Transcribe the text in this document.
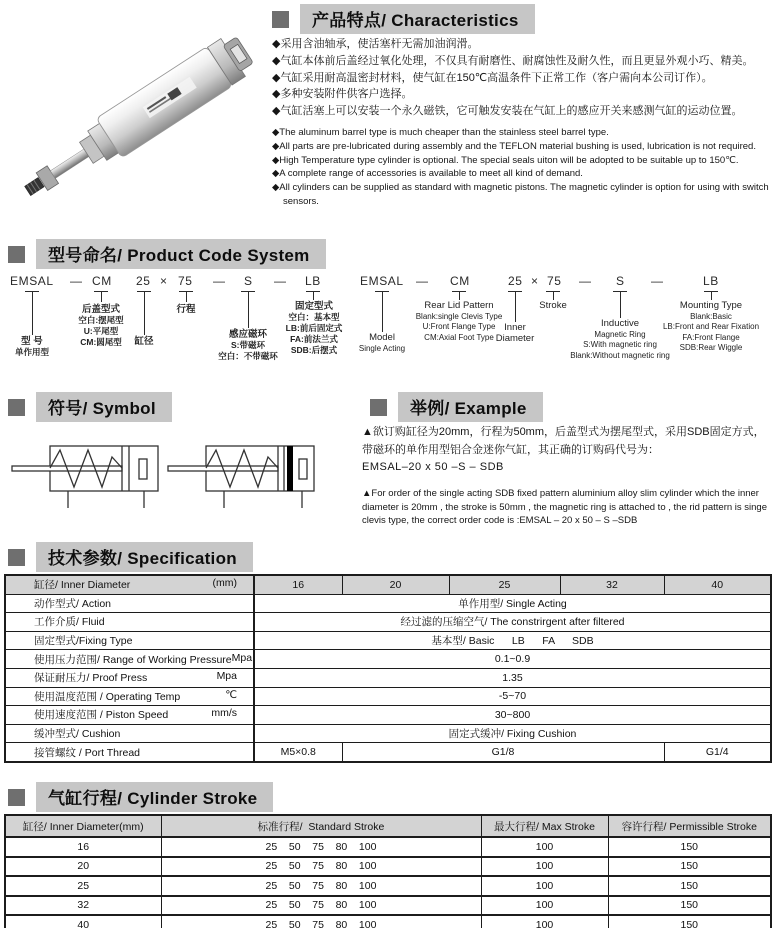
产品特点/ Characteristics
◆采用含油轴承，使活塞杆无需加油润滑。
◆气缸本体前后盖经过氧化处理，不仅具有耐磨性、耐腐蚀性及耐久性，而且更显外观小巧、精美。
◆气缸采用耐高温密封材料，使气缸在150℃高温条件下正常工作（客户需向本公司订作）。
◆多种安装附件供客户选择。
◆气缸活塞上可以安装一个永久磁铁，它可触发安装在气缸上的感应开关来感测气缸的运动位置。
◆The aluminum barrel type is much cheaper than the stainless steel barrel type.
◆All parts are pre-lubricated during assembly and the TEFLON material bushing is used, lubrication is not required.
◆High Temperature type cylinder is optional. The special seals uiton will be adopted to be suitable up to 150℃.
◆A complete range of accessories is available to meet all kind of demand.
◆All cylinders can be supplied as standard with magnetic pistons. The magnetic cylinder is option for using with switch sensors.
型号命名/ Product Code System
EMSAL — CM 25 × 75 — S — LB
型 号
单作用型
后盖型式
空白:摆尾型
U:平尾型
CM:圆尾型	缸径
行程
感应磁环
S:带磁环
空白：不带磁环
固定型式
空白：基本型
LB:前后固定式
FA:前法兰式
SDB:后摆式
EMSAL — CM	25 × 75 — S —	LB
Model
Single Acting
Rear Lid Pattern
Blank:single Clevis Type
U:Front Flange Type
CM:Axial Foot Type
Inner
Diameter
Stroke
Inductive
Magnetic Ring
S:With magnetic ring
Blank:Without magnetic ring
Mounting Type
Blank:Basic
LB:Front and Rear Fixation
FA:Front Flange
SDB:Rear Wiggle
符号/ Symbol	举例/ Example
▲欲订购缸径为20mm，行程为50mm，后盖型式为摆尾型式，采用SDB固定方式，带磁环的单作用型铝合金迷你气缸，其正确的订购码代号为：
EMSAL–20 x 50 –S – SDB
▲For order of the single acting SDB fixed pattern aluminium alloy slim cylinder which the inner diameter is 20mm , the stroke is 50mm , the magnetic ring is attached to , the rid pattern is singe clevis type, the correct order code is :EMSAL – 20 x 50 – S –SDB
技术参数/ Specification
缸径/ Inner Diameter (mm)	16	20	25	32	40

动作型式/ Action	单作用型/ Single Acting				

工作介质/ Fluid	经过滤的压缩空气/ The constrirgent after filtered				

固定型式/Fixing Type	基本型/ Basic      LB      FA      SDB				

使用压力范围/ Range of Working Pressure Mpa	0.1~0.9				

保证耐压力/ Proof Press Mpa	1.35				

使用温度范围 / Operating Temp ℃	-5~70				

使用速度范围 / Piston Speed mm/s	30~800				

缓冲型式/ Cushion	固定式缓冲/ Fixing Cushion				

接管螺纹 / Port Thread	M5×0.8	G1/8			G1/4
气缸行程/ Cylinder Stroke
缸径/ Inner Diameter(mm)	标准行程/  Standard Stroke	最大行程/ Max Stroke	容许行程/ Permissible Stroke
16	25    50    75    80    100	100	150
20	25    50    75    80    100	100	150
25	25    50    75    80    100	100	150
32	25    50    75    80    100	100	150
40	25    50    75    80    100	100	150
